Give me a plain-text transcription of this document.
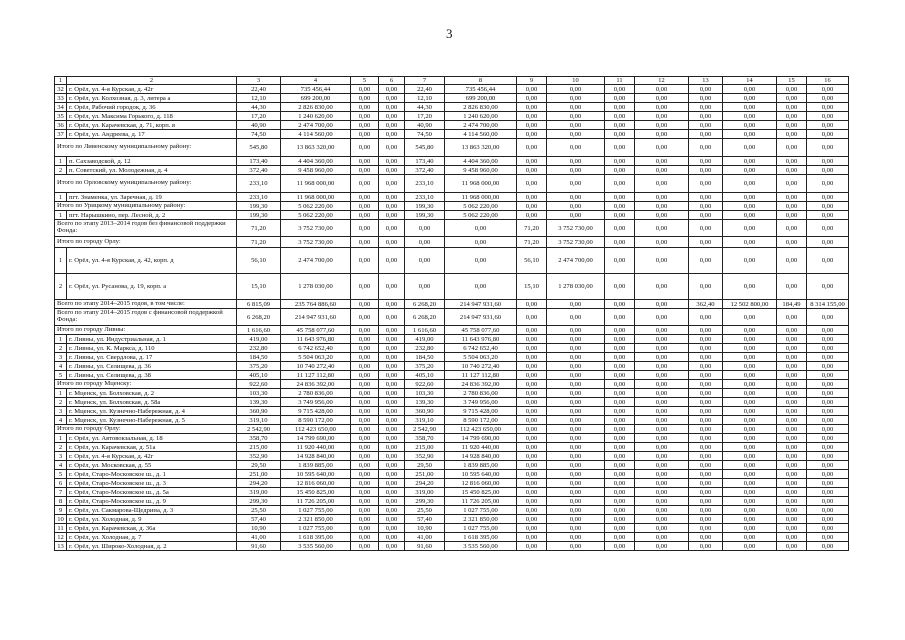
3
1	2	3	4	5	6	7	8	9	10	11	12	13	14	15	16
32	г. Орёл, ул. 4-я Курская, д. 42г	22,40	735 456,44	0,00	0,00	22,40	735 456,44	0,00	0,00	0,00	0,00	0,00	0,00	0,00	0,00
33	г. Орёл, ул. Колхозная, д. 3, литера а	12,10	699 200,00	0,00	0,00	12,10	699 200,00	0,00	0,00	0,00	0,00	0,00	0,00	0,00	0,00
34	г. Орёл, Рабочий городок, д. 36	44,30	2 826 830,00	0,00	0,00	44,30	2 826 830,00	0,00	0,00	0,00	0,00	0,00	0,00	0,00	0,00
35	г. Орёл, ул. Максима Горького, д. 118	17,20	1 240 620,00	0,00	0,00	17,20	1 240 620,00	0,00	0,00	0,00	0,00	0,00	0,00	0,00	0,00
36	г. Орёл, ул. Карачевская, д. 71, корп. в	40,90	2 474 700,00	0,00	0,00	40,90	2 474 700,00	0,00	0,00	0,00	0,00	0,00	0,00	0,00	0,00
37	г. Орёл, ул. Андреева, д. 17	74,50	4 114 560,00	0,00	0,00	74,50	4 114 560,00	0,00	0,00	0,00	0,00	0,00	0,00	0,00	0,00
Итого по Ливенскому муниципальному району:		545,80	13 863 320,00	0,00	0,00	545,80	13 863 320,00	0,00	0,00	0,00	0,00	0,00	0,00	0,00	0,00
1	п. Сахзаводской, д. 12	173,40	4 404 360,00	0,00	0,00	173,40	4 404 360,00	0,00	0,00	0,00	0,00	0,00	0,00	0,00	0,00
2	п. Советский, ул. Молодежная, д. 4	372,40	9 458 960,00	0,00	0,00	372,40	9 458 960,00	0,00	0,00	0,00	0,00	0,00	0,00	0,00	0,00
Итого по Орловскому муниципальному району:		233,10	11 968 000,00	0,00	0,00	233,10	11 968 000,00	0,00	0,00	0,00	0,00	0,00	0,00	0,00	0,00
1	пгт. Знаменка, ул. Заречная, д. 19	233,10	11 968 000,00	0,00	0,00	233,10	11 968 000,00	0,00	0,00	0,00	0,00	0,00	0,00	0,00	0,00
Итого по Урицкому муниципальному району:		199,30	5 062 220,00	0,00	0,00	199,30	5 062 220,00	0,00	0,00	0,00	0,00	0,00	0,00	0,00	0,00
1	пгт. Нарышкино, пер. Лесной, д. 2	199,30	5 062 220,00	0,00	0,00	199,30	5 062 220,00	0,00	0,00	0,00	0,00	0,00	0,00	0,00	0,00
Всего по этапу 2013–2014 годов без финансовой поддержки Фонда:		71,20	3 752 730,00	0,00	0,00	0,00	0,00	71,20	3 752 730,00	0,00	0,00	0,00	0,00	0,00	0,00
Итого по городу Орлу:		71,20	3 752 730,00	0,00	0,00	0,00	0,00	71,20	3 752 730,00	0,00	0,00	0,00	0,00	0,00	0,00
1	г. Орёл, ул. 4-я Курская, д. 42, корп. д	56,10	2 474 700,00	0,00	0,00	0,00	0,00	56,10	2 474 700,00	0,00	0,00	0,00	0,00	0,00	0,00
2	г. Орёл, ул. Русанова, д. 19, корп. а	15,10	1 278 030,00	0,00	0,00	0,00	0,00	15,10	1 278 030,00	0,00	0,00	0,00	0,00	0,00	0,00
Всего по этапу 2014–2015 годов, в том числе:		6 815,09	235 764 886,60	0,00	0,00	6 268,20	214 947 931,60	0,00	0,00	0,00	0,00	362,40	12 502 800,00	184,49	8 314 155,00
Всего по этапу 2014–2015 годов с финансовой поддержкой Фонда:		6 268,20	214 947 931,60	0,00	0,00	6 268,20	214 947 931,60	0,00	0,00	0,00	0,00	0,00	0,00	0,00	0,00
Итого по городу Ливны:		1 616,60	45 758 077,60	0,00	0,00	1 616,60	45 758 077,60	0,00	0,00	0,00	0,00	0,00	0,00	0,00	0,00
1	г. Ливны, ул. Индустриальная, д. 1	419,00	11 643 976,80	0,00	0,00	419,00	11 643 976,80	0,00	0,00	0,00	0,00	0,00	0,00	0,00	0,00
2	г. Ливны, ул. К. Маркса, д. 110	232,80	6 742 652,40	0,00	0,00	232,80	6 742 652,40	0,00	0,00	0,00	0,00	0,00	0,00	0,00	0,00
3	г. Ливны, ул. Свердлова, д. 17	184,50	5 504 063,20	0,00	0,00	184,50	5 504 063,20	0,00	0,00	0,00	0,00	0,00	0,00	0,00	0,00
4	г. Ливны, ул. Селищева, д. 36	375,20	10 740 272,40	0,00	0,00	375,20	10 740 272,40	0,00	0,00	0,00	0,00	0,00	0,00	0,00	0,00
5	г. Ливны, ул. Селищева, д. 38	405,10	11 127 112,80	0,00	0,00	405,10	11 127 112,80	0,00	0,00	0,00	0,00	0,00	0,00	0,00	0,00
Итого по городу Мценску:		922,60	24 836 392,00	0,00	0,00	922,60	24 836 392,00	0,00	0,00	0,00	0,00	0,00	0,00	0,00	0,00
1	г. Мценск, ул. Болховская, д. 2	103,30	2 780 836,00	0,00	0,00	103,30	2 780 836,00	0,00	0,00	0,00	0,00	0,00	0,00	0,00	0,00
2	г. Мценск, ул. Болховская, д. 58а	139,30	3 749 956,00	0,00	0,00	139,30	3 749 956,00	0,00	0,00	0,00	0,00	0,00	0,00	0,00	0,00
3	г. Мценск, ул. Кузнечно-Набережная, д. 4	360,90	9 715 428,00	0,00	0,00	360,90	9 715 428,00	0,00	0,00	0,00	0,00	0,00	0,00	0,00	0,00
4	г. Мценск, ул. Кузнечно-Набережная, д. 5	319,10	8 590 172,00	0,00	0,00	319,10	8 590 172,00	0,00	0,00	0,00	0,00	0,00	0,00	0,00	0,00
Итого по городу Орлу:		2 542,90	112 423 650,00	0,00	0,00	2 542,90	112 423 650,00	0,00	0,00	0,00	0,00	0,00	0,00	0,00	0,00
1	г. Орёл, ул. Автовокзальная, д. 18	358,70	14 799 690,00	0,00	0,00	358,70	14 799 690,00	0,00	0,00	0,00	0,00	0,00	0,00	0,00	0,00
2	г. Орёл, ул. Карачевская, д. 51а	215,00	11 920 440,00	0,00	0,00	215,00	11 920 440,00	0,00	0,00	0,00	0,00	0,00	0,00	0,00	0,00
3	г. Орёл, ул. 4-я Курская, д. 42г	352,90	14 928 840,00	0,00	0,00	352,90	14 928 840,00	0,00	0,00	0,00	0,00	0,00	0,00	0,00	0,00
4	г. Орёл, ул. Московская, д. 55	29,50	1 839 885,00	0,00	0,00	29,50	1 839 885,00	0,00	0,00	0,00	0,00	0,00	0,00	0,00	0,00
5	г. Орёл, Старо-Московское ш., д. 1	251,00	10 595 640,00	0,00	0,00	251,00	10 595 640,00	0,00	0,00	0,00	0,00	0,00	0,00	0,00	0,00
6	г. Орёл, Старо-Московское ш., д. 3	294,20	12 816 060,00	0,00	0,00	294,20	12 816 060,00	0,00	0,00	0,00	0,00	0,00	0,00	0,00	0,00
7	г. Орёл, Старо-Московское ш., д. 5а	319,00	15 450 825,00	0,00	0,00	319,00	15 450 825,00	0,00	0,00	0,00	0,00	0,00	0,00	0,00	0,00
8	г. Орёл, Старо-Московское ш., д. 9	299,30	11 726 205,00	0,00	0,00	299,30	11 726 205,00	0,00	0,00	0,00	0,00	0,00	0,00	0,00	0,00
9	г. Орёл, ул. Сакмарова-Щедрина, д. 3	25,50	1 027 755,00	0,00	0,00	25,50	1 027 755,00	0,00	0,00	0,00	0,00	0,00	0,00	0,00	0,00
10	г. Орёл, ул. Холодная, д. 9	57,40	2 321 850,00	0,00	0,00	57,40	2 321 850,00	0,00	0,00	0,00	0,00	0,00	0,00	0,00	0,00
11	г. Орёл, ул. Карачевская, д. 36а	10,90	1 027 755,00	0,00	0,00	10,90	1 027 755,00	0,00	0,00	0,00	0,00	0,00	0,00	0,00	0,00
12	г. Орёл, ул. Холодная, д. 7	41,00	1 618 395,00	0,00	0,00	41,00	1 618 395,00	0,00	0,00	0,00	0,00	0,00	0,00	0,00	0,00
13	г. Орёл, ул. Широко-Холодная, д. 2	91,60	3 535 560,00	0,00	0,00	91,60	3 535 560,00	0,00	0,00	0,00	0,00	0,00	0,00	0,00	0,00
